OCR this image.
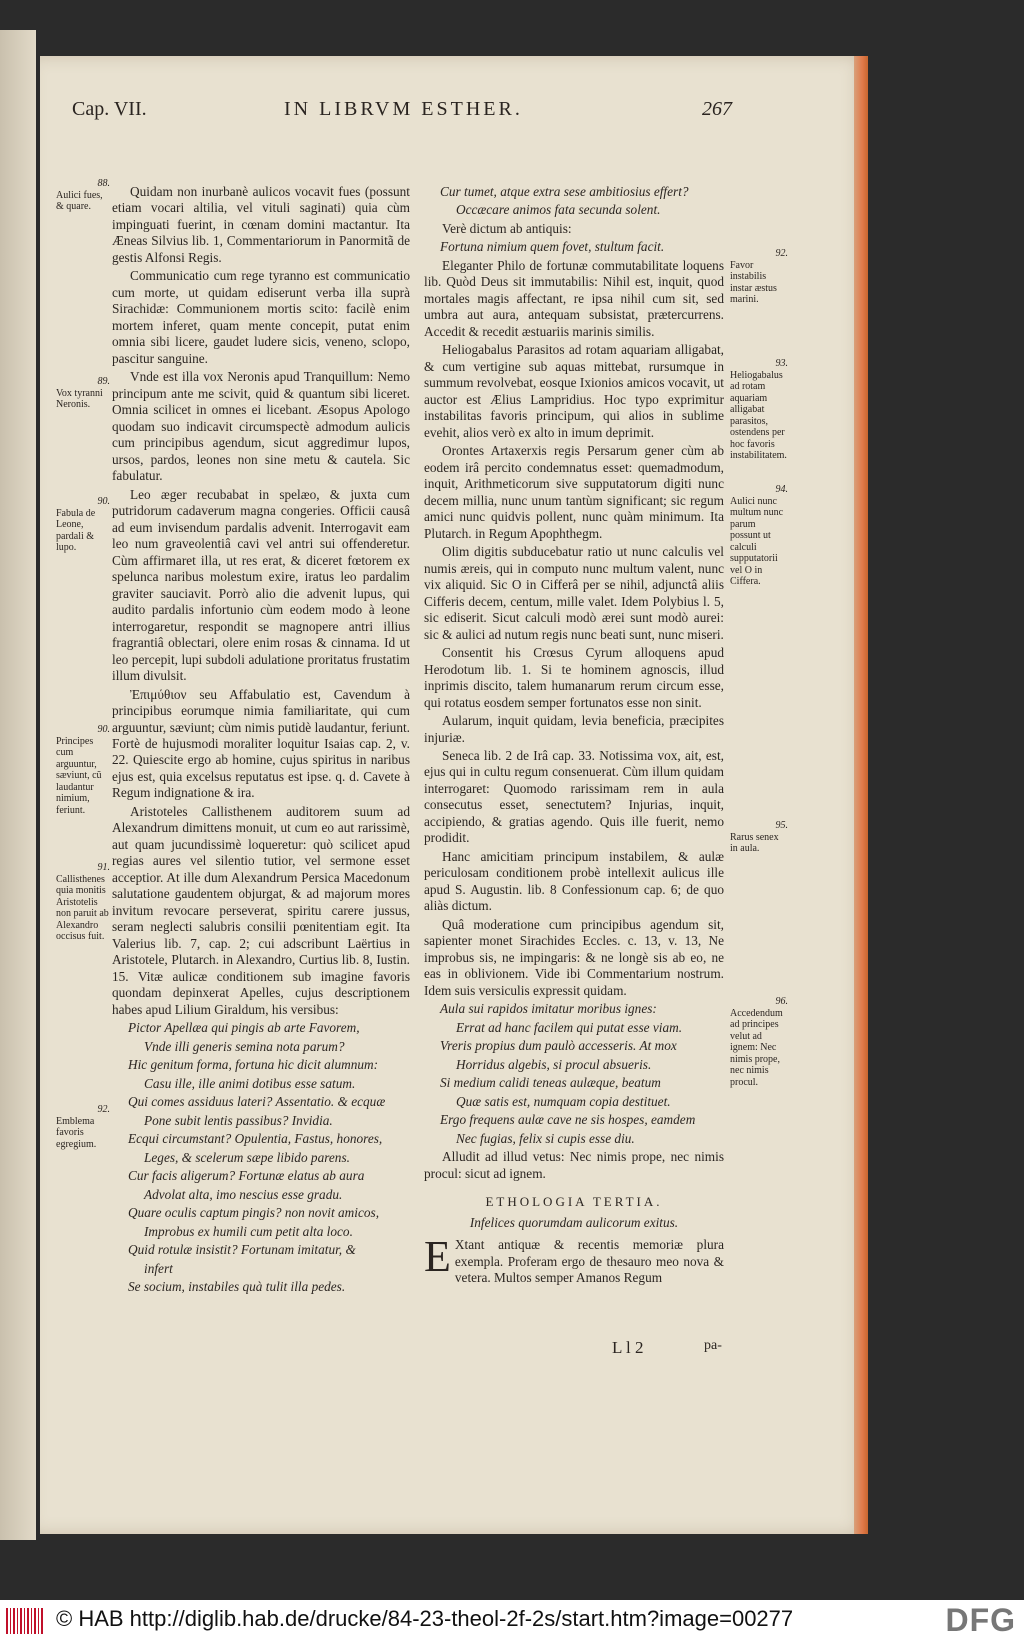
Cap. VII.	IN LIBRVM ESTHER.	267
88.
Aulici fues, & quare.
89.
Vox tyranni Neronis.
90.
Fabula de Leone, pardali & lupo.
90.
Principes cum arguuntur, sæviunt, cũ laudantur nimium, feriunt.
91.
Callisthenes quia monitis Aristotelis non paruit ab Alexandro occisus fuit.
92.
Emblema favoris egregium.
92.
Favor instabilis instar æstus marini.
93.
Heliogabalus ad rotam aquariam alligabat parasitos, ostendens per hoc favoris instabilitatem.
94.
Aulici nunc multum nunc parum possunt ut calculi supputatorii vel O in Ciffera.
95.
Rarus senex in aula.
96.
Accedendum ad principes velut ad ignem: Nec nimis prope, nec nimis procul.

Quidam non inurbanè aulicos vocavit fues (possunt etiam vocari altilia, vel vituli saginati) quia cùm impinguati fuerint, in cœnam domini mactantur. Ita Æneas Silvius lib. 1, Commentariorum in Panormitã de gestis Alfonsi Regis.

Communicatio cum rege tyranno est communicatio cum morte, ut quidam ediserunt verba illa suprà Sirachidæ: Communionem mortis scito: facilè enim mortem inferet, quam mente concepit, putat enim omnia sibi licere, gaudet ludere sicis, veneno, sclopo, pascitur sanguine.

Vnde est illa vox Neronis apud Tranquillum: Nemo principum ante me scivit, quid & quantum sibi liceret. Omnia scilicet in omnes ei licebant. Æsopus Apologo quodam suo indicavit circumspectè admodum aulicis cum principibus agendum, sicut aggredimur lupos, ursos, pardos, leones non sine metu & cautela. Sic fabulatur.

Leo æger recubabat in spelæo, & juxta cum putridorum cadaverum magna congeries. Officii causâ ad eum invisendum pardalis advenit. Interrogavit eam leo num graveolentiâ cavi vel antri sui offenderetur. Cùm affirmaret illa, ut res erat, & diceret fœtorem ex spelunca naribus molestum exire, iratus leo pardalim graviter sauciavit. Porrò alio die advenit lupus, qui audito pardalis infortunio cùm eodem modo à leone interrogaretur, respondit se magnopere antri illius fragrantiâ oblectari, olere enim rosas & cinnama. Id ut leo percepit, lupi subdoli adulatione proritatus frustatim illum divulsit.

Ἐπιμύθιον seu Affabulatio est, Cavendum à principibus eorumque nimia familiaritate, qui cum arguuntur, sæviunt; cùm nimis putidè laudantur, feriunt. Fortè de hujusmodi moraliter loquitur Isaias cap. 2, v. 22. Quiescite ergo ab homine, cujus spiritus in naribus ejus est, quia excelsus reputatus est ipse. q. d. Cavete à Regum indignatione & ira.

Aristoteles Callisthenem auditorem suum ad Alexandrum dimittens monuit, ut cum eo aut rarissimè, aut quam jucundissimè loqueretur: quò scilicet apud regias aures vel silentio tutior, vel sermone esset acceptior. At ille dum Alexandrum Persica Macedonum salutatione gaudentem objurgat, & ad majorum mores invitum revocare perseverat, spiritu carere jussus, seram neglecti salubris consilii pœnitentiam egit. Ita Valerius lib. 7, cap. 2; cui adscribunt Laërtius in Aristotele, Plutarch. in Alexandro, Curtius lib. 8, Iustin. 15. Vitæ aulicæ conditionem sub imagine favoris quondam depinxerat Apelles, cujus descriptionem habes apud Lilium Giraldum, his versibus:

Pictor Apellæa qui pingis ab arte Favorem,

Vnde illi generis semina nota parum?

Hic genitum forma, fortuna hic dicit alumnum:

Casu ille, ille animi dotibus esse satum.

Qui comes assiduus lateri? Assentatio. & ecquæ

Pone subit lentis passibus? Invidia.

Ecqui circumstant? Opulentia, Fastus, honores,

Leges, & scelerum sæpe libido parens.

Cur facis aligerum? Fortunæ elatus ab aura

Advolat alta, imo nescius esse gradu.

Quare oculis captum pingis? non novit amicos,

Improbus ex humili cum petit alta loco.

Quid rotulæ insistit? Fortunam imitatur, &

infert

Se socium, instabiles quà tulit illa pedes.

Cur tumet, atque extra sese ambitiosius effert?

Occæcare animos fata secunda solent.

Verè dictum ab antiquis:

Fortuna nimium quem fovet, stultum facit.

Eleganter Philo de fortunæ commutabilitate loquens lib. Quòd Deus sit immutabilis: Nihil est, inquit, quod mortales magis affectant, re ipsa nihil cum sit, sed umbra aut aura, antequam subsistat, prætercurrens. Accedit & recedit æstuariis marinis similis.

Heliogabalus Parasitos ad rotam aquariam alligabat, & cum vertigine sub aquas mittebat, rursumque in summum revolvebat, eosque Ixionios amicos vocavit, ut auctor est Ælius Lampridius. Hoc typo exprimitur instabilitas favoris principum, qui alios in sublime evehit, alios verò ex alto in imum deprimit.

Orontes Artaxerxis regis Persarum gener cùm ab eodem irâ percito condemnatus esset: quemadmodum, inquit, Arithmeticorum sive supputatorum digiti nunc decem millia, nunc unum tantùm significant; sic regum amici nunc quidvis pollent, nunc quàm minimum. Ita Plutarch. in Regum Apophthegm.

Olim digitis subducebatur ratio ut nunc calculis vel numis æreis, qui in computo nunc multum valent, nunc vix aliquid. Sic O in Cifferâ per se nihil, adjunctâ aliis Cifferis decem, centum, mille valet. Idem Polybius l. 5, sic ediserit. Sicut calculi modò ærei sunt modò aurei: sic & aulici ad nutum regis nunc beati sunt, nunc miseri.

Consentit his Crœsus Cyrum alloquens apud Herodotum lib. 1. Si te hominem agnoscis, illud inprimis discito, talem humanarum rerum circum esse, qui rotatus eosdem semper fortunatos esse non sinit.

Aularum, inquit quidam, levia beneficia, præcipites injuriæ.

Seneca lib. 2 de Irâ cap. 33. Notissima vox, ait, est, ejus qui in cultu regum consenuerat. Cùm illum quidam interrogaret: Quomodo rarissimam rem in aula consecutus esset, senectutem? Injurias, inquit, accipiendo, & gratias agendo. Quis ille fuerit, nemo prodidit.

Hanc amicitiam principum instabilem, & aulæ periculosam conditionem probè intellexit aulicus ille apud S. Augustin. lib. 8 Confessionum cap. 6; de quo aliàs dictum.

Quâ moderatione cum principibus agendum sit, sapienter monet Sirachides Eccles. c. 13, v. 13, Ne improbus sis, ne impingaris: & ne longè sis ab eo, ne eas in oblivionem. Vide ibi Commentarium nostrum. Idem suis versiculis expressit quidam.

Aula sui rapidos imitatur moribus ignes:

Errat ad hanc facilem qui putat esse viam.

Vreris propius dum paulò accesseris. At mox

Horridus algebis, si procul absueris.

Si medium calidi teneas aulæque, beatum

Quæ satis est, numquam copia destituet.

Ergo frequens aulæ cave ne sis hospes, eamdem

Nec fugias, felix si cupis esse diu.

Alludit ad illud vetus: Nec nimis prope, nec nimis procul: sicut ad ignem.

ETHOLOGIA TERTIA.

Infelices quorumdam aulicorum exitus.

E Xtant antiquæ & recentis memoriæ plura exempla. Proferam ergo de thesauro meo nova & vetera. Multos semper Amanos Regum

L l 2	pa-
© HAB http://diglib.hab.de/drucke/84-23-theol-2f-2s/start.htm?image=00277	DFG
